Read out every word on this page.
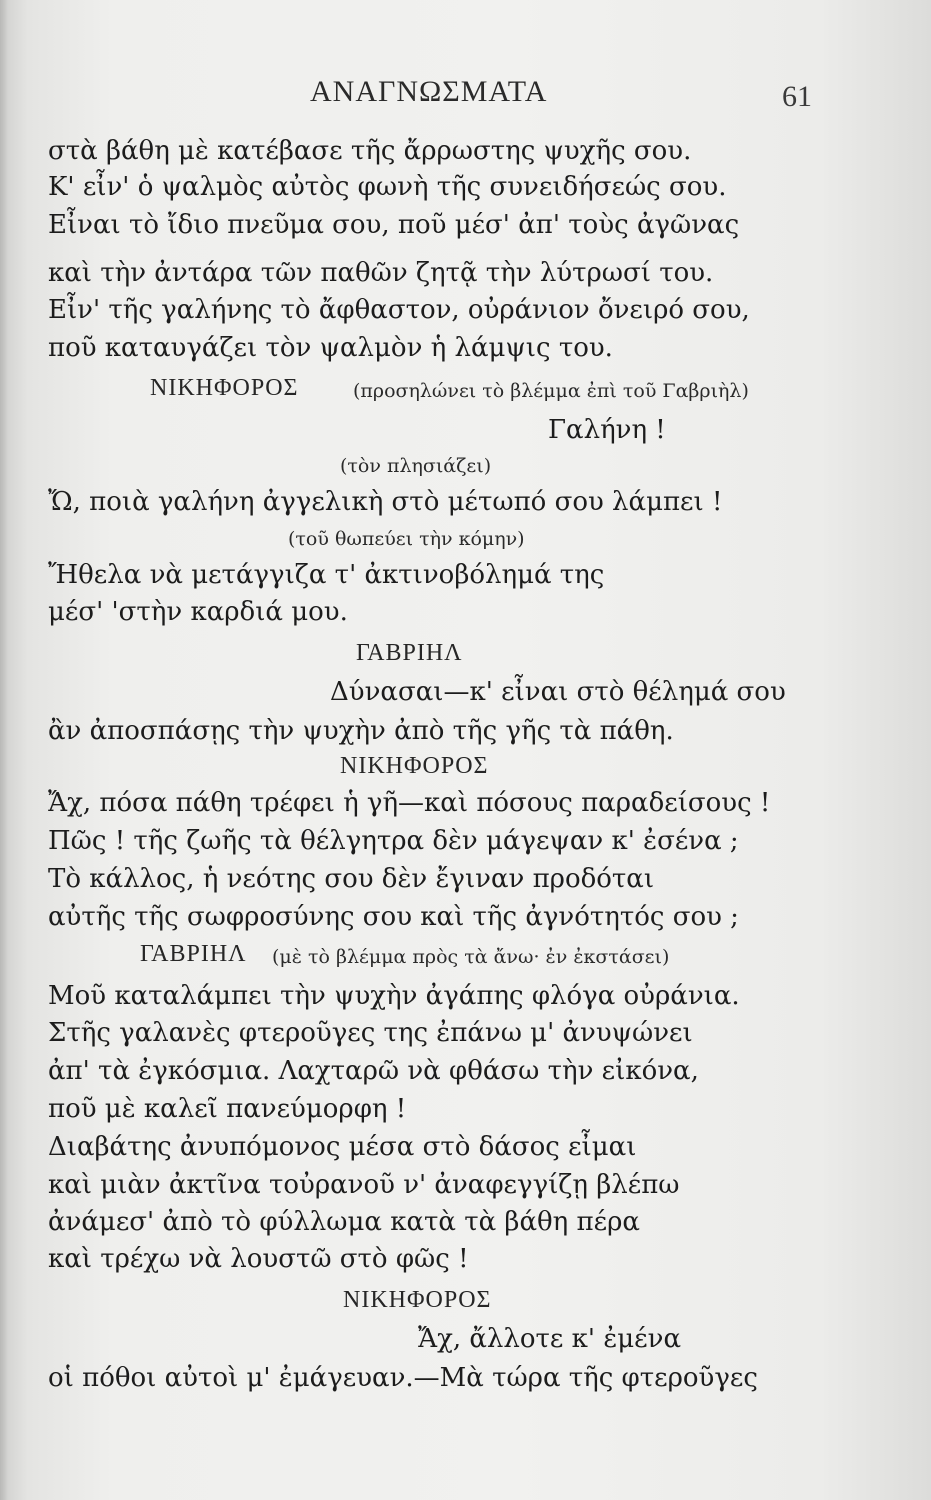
ΑΝΑΓΝΩΣΜΑΤΑ	61
στὰ βάθη μὲ κατέβασε τῆς ἄρρωστης ψυχῆς σου.
Κ' εἶν' ὁ ψαλμὸς αὐτὸς φωνὴ τῆς συνειδήσεώς σου.
Εἶναι τὸ ἴδιο πνεῦμα σου, ποῦ μέσ' ἀπ' τοὺς ἀγῶνας
καὶ τὴν ἀντάρα τῶν παθῶν ζητᾷ τὴν λύτρωσί του.
Εἶν' τῆς γαλήνης τὸ ἄφθαστον, οὐράνιον ὄνειρό σου,
ποῦ καταυγάζει τὸν ψαλμὸν ἡ λάμψις του.
ΝΙΚΗΦΟΡΟΣ	(προσηλώνει τὸ βλέμμα ἐπὶ τοῦ Γαβριὴλ)
Γαλήνη !
(τὸν πλησιάζει)
Ὤ, ποιὰ γαλήνη ἀγγελικὴ στὸ μέτωπό σου λάμπει !
(τοῦ θωπεύει τὴν κόμην)
Ἤθελα νὰ μετάγγιζα τ' ἀκτινοβόλημά της
μέσ' 'στὴν καρδιά μου.
ΓΑΒΡΙΗΛ
Δύνασαι—κ' εἶναι στὸ θέλημά σου
ἂν ἀποσπάσῃς τὴν ψυχὴν ἀπὸ τῆς γῆς τὰ πάθη.
ΝΙΚΗΦΟΡΟΣ
Ἄχ, πόσα πάθη τρέφει ἡ γῆ—καὶ πόσους παραδείσους !
Πῶς ! τῆς ζωῆς τὰ θέλγητρα δὲν μάγεψαν κ' ἐσένα ;
Τὸ κάλλος, ἡ νεότης σου δὲν ἔγιναν προδόται
αὐτῆς τῆς σωφροσύνης σου καὶ τῆς ἀγνότητός σου ;
ΓΑΒΡΙΗΛ (μὲ τὸ βλέμμα πρὸς τὰ ἄνω· ἐν ἐκστάσει)
Μοῦ καταλάμπει τὴν ψυχὴν ἀγάπης φλόγα οὐράνια.
Στῆς γαλανὲς φτεροῦγες της ἐπάνω μ' ἀνυψώνει
ἀπ' τὰ ἐγκόσμια. Λαχταρῶ νὰ φθάσω τὴν εἰκόνα,
ποῦ μὲ καλεῖ πανεύμορφη !
Διαβάτης ἀνυπόμονος μέσα στὸ δάσος εἶμαι
καὶ μιὰν ἀκτῖνα τοὐρανοῦ ν' ἀναφεγγίζῃ βλέπω
ἀνάμεσ' ἀπὸ τὸ φύλλωμα κατὰ τὰ βάθη πέρα
καὶ τρέχω νὰ λουστῶ στὸ φῶς !
ΝΙΚΗΦΟΡΟΣ
Ἄχ, ἄλλοτε κ' ἐμένα
οἱ πόθοι αὐτοὶ μ' ἐμάγευαν.—Μὰ τώρα τῆς φτεροῦγες
